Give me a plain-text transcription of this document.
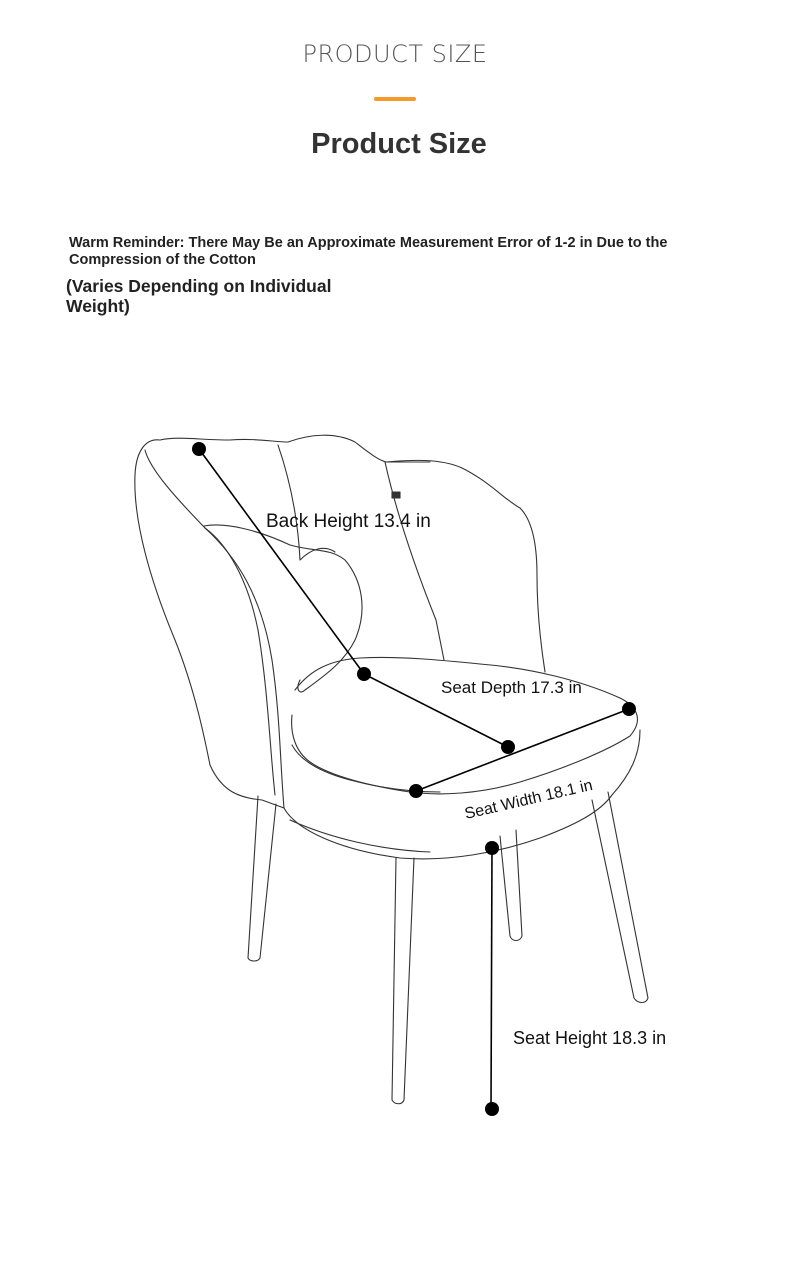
PRODUCT SIZE
Product Size
Warm Reminder: There May Be an Approximate Measurement Error of 1-2 in Due to the Compression of the Cotton
(Varies Depending on Individual Weight)
Back Height 13.4 in
Seat Depth 17.3 in
Seat Width 18.1 in
Seat Height 18.3 in
